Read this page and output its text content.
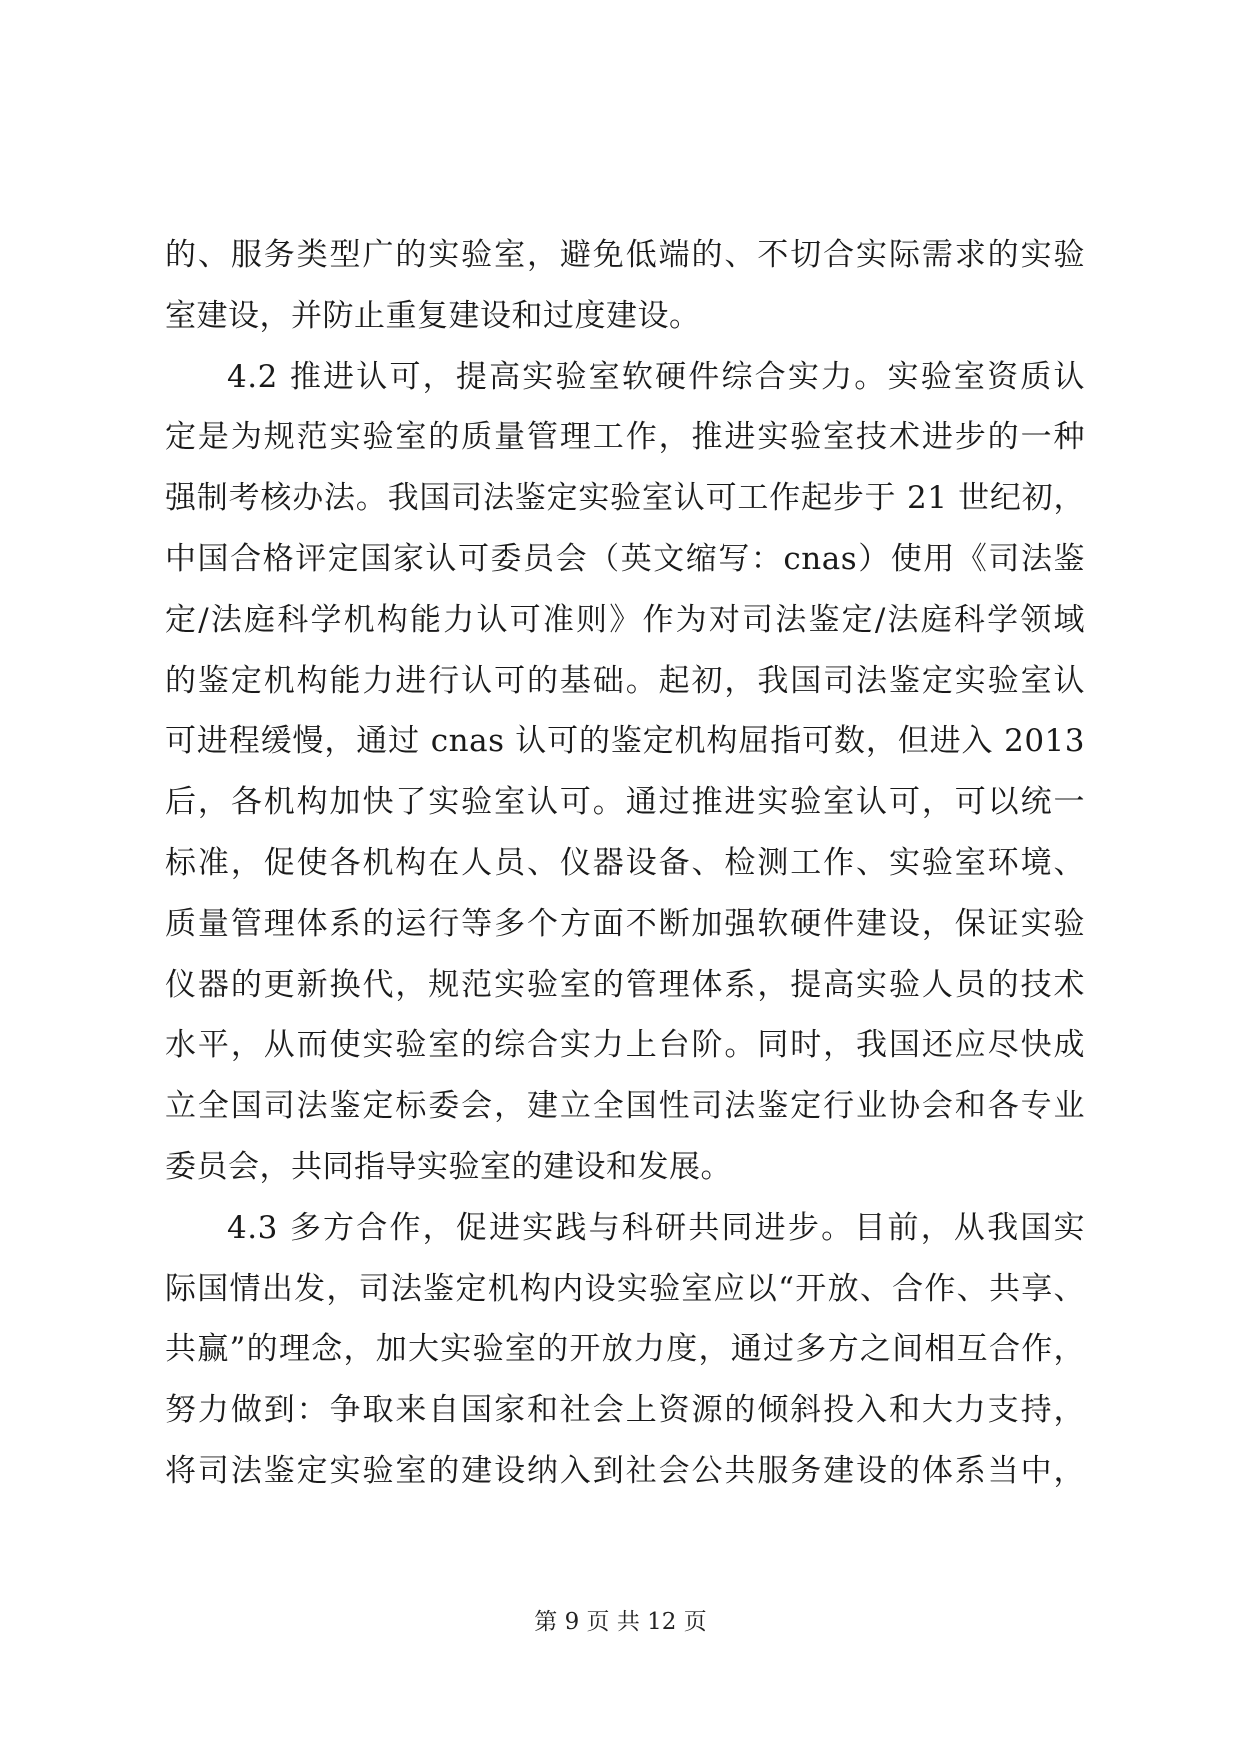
的、服务类型广的实验室，避免低端的、不切合实际需求的实验
室建设，并防止重复建设和过度建设。
4.2 推进认可，提高实验室软硬件综合实力。实验室资质认
定是为规范实验室的质量管理工作，推进实验室技术进步的一种
强制考核办法。我国司法鉴定实验室认可工作起步于 21 世纪初，
中国合格评定国家认可委员会（英文缩写：cnas）使用《司法鉴
定/法庭科学机构能力认可准则》作为对司法鉴定/法庭科学领域
的鉴定机构能力进行认可的基础。起初，我国司法鉴定实验室认
可进程缓慢，通过 cnas 认可的鉴定机构屈指可数，但进入 2013
后，各机构加快了实验室认可。通过推进实验室认可，可以统一
标准，促使各机构在人员、仪器设备、检测工作、实验室环境、
质量管理体系的运行等多个方面不断加强软硬件建设，保证实验
仪器的更新换代，规范实验室的管理体系，提高实验人员的技术
水平，从而使实验室的综合实力上台阶。同时，我国还应尽快成
立全国司法鉴定标委会，建立全国性司法鉴定行业协会和各专业
委员会，共同指导实验室的建设和发展。
4.3 多方合作，促进实践与科研共同进步。目前，从我国实
际国情出发，司法鉴定机构内设实验室应以“开放、合作、共享、
共赢”的理念，加大实验室的开放力度，通过多方之间相互合作，
努力做到：争取来自国家和社会上资源的倾斜投入和大力支持，
将司法鉴定实验室的建设纳入到社会公共服务建设的体系当中，
第 9 页 共 12 页
